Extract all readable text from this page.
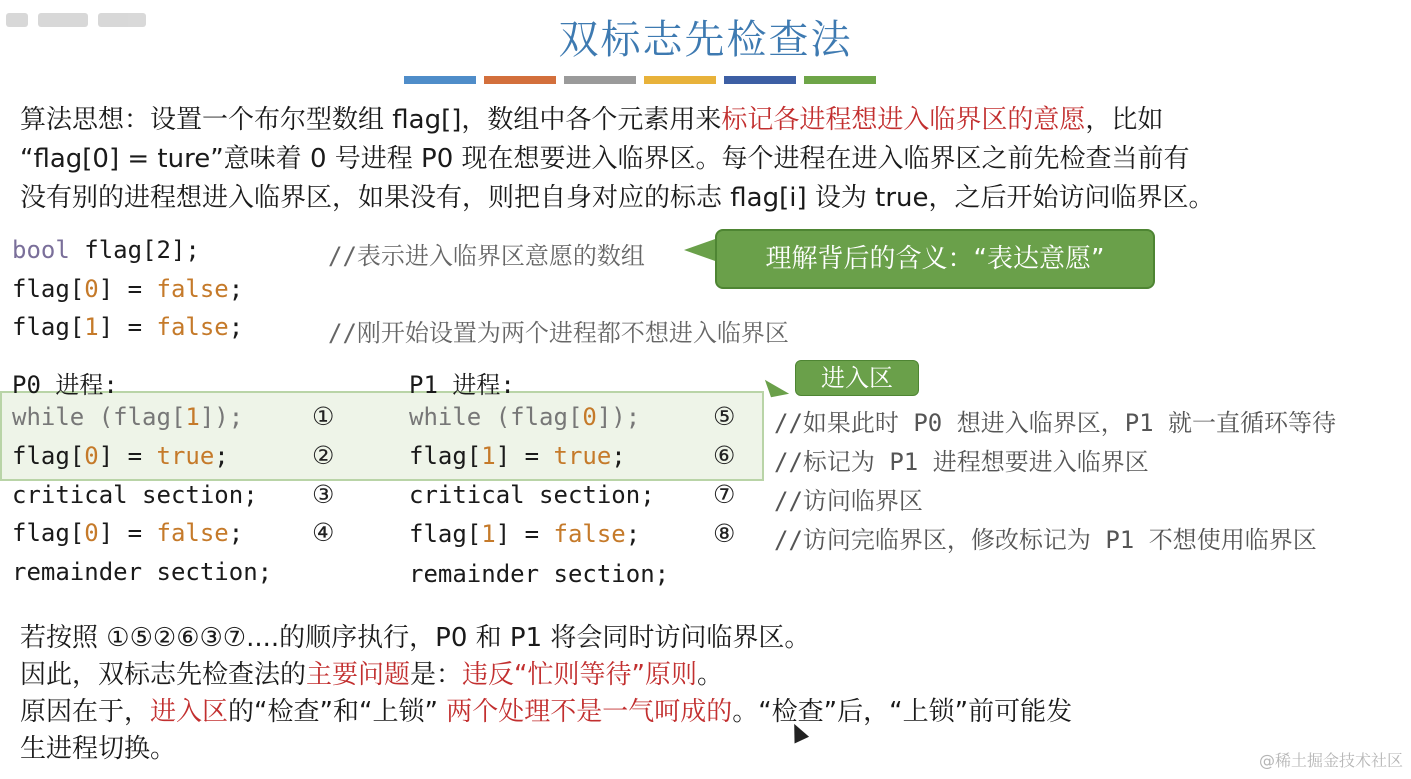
双标志先检查法
算法思想：设置一个布尔型数组 flag[]，数组中各个元素用来标记各进程想进入临界区的意愿，比如
“flag[0] = ture”意味着 0 号进程 P0 现在想要进入临界区。每个进程在进入临界区之前先检查当前有
没有别的进程想进入临界区，如果没有，则把自身对应的标志 flag[i] 设为 true，之后开始访问临界区。
bool flag[2];	//表示进入临界区意愿的数组
flag[0] = false;
flag[1] = false;	//刚开始设置为两个进程都不想进入临界区
理解背后的含义：“表达意愿”
进入区
P0 进程:
while (flag[1]);
flag[0] = true;
critical section;
flag[0] = false;
remainder section;
①
②
③
④
P1 进程:
while (flag[0]);
flag[1] = true;
critical section;
flag[1] = false;
remainder section;
⑤
⑥
⑦
⑧
//如果此时 P0 想进入临界区，P1 就一直循环等待
//标记为 P1 进程想要进入临界区
//访问临界区
//访问完临界区，修改标记为 P1 不想使用临界区
若按照 ①⑤②⑥③⑦....的顺序执行，P0 和 P1 将会同时访问临界区。
因此，双标志先检查法的主要问题是：违反“忙则等待”原则。
原因在于，进入区的“检查”和“上锁” 两个处理不是一气呵成的。“检查”后，“上锁”前可能发
生进程切换。	@稀土掘金技术社区
